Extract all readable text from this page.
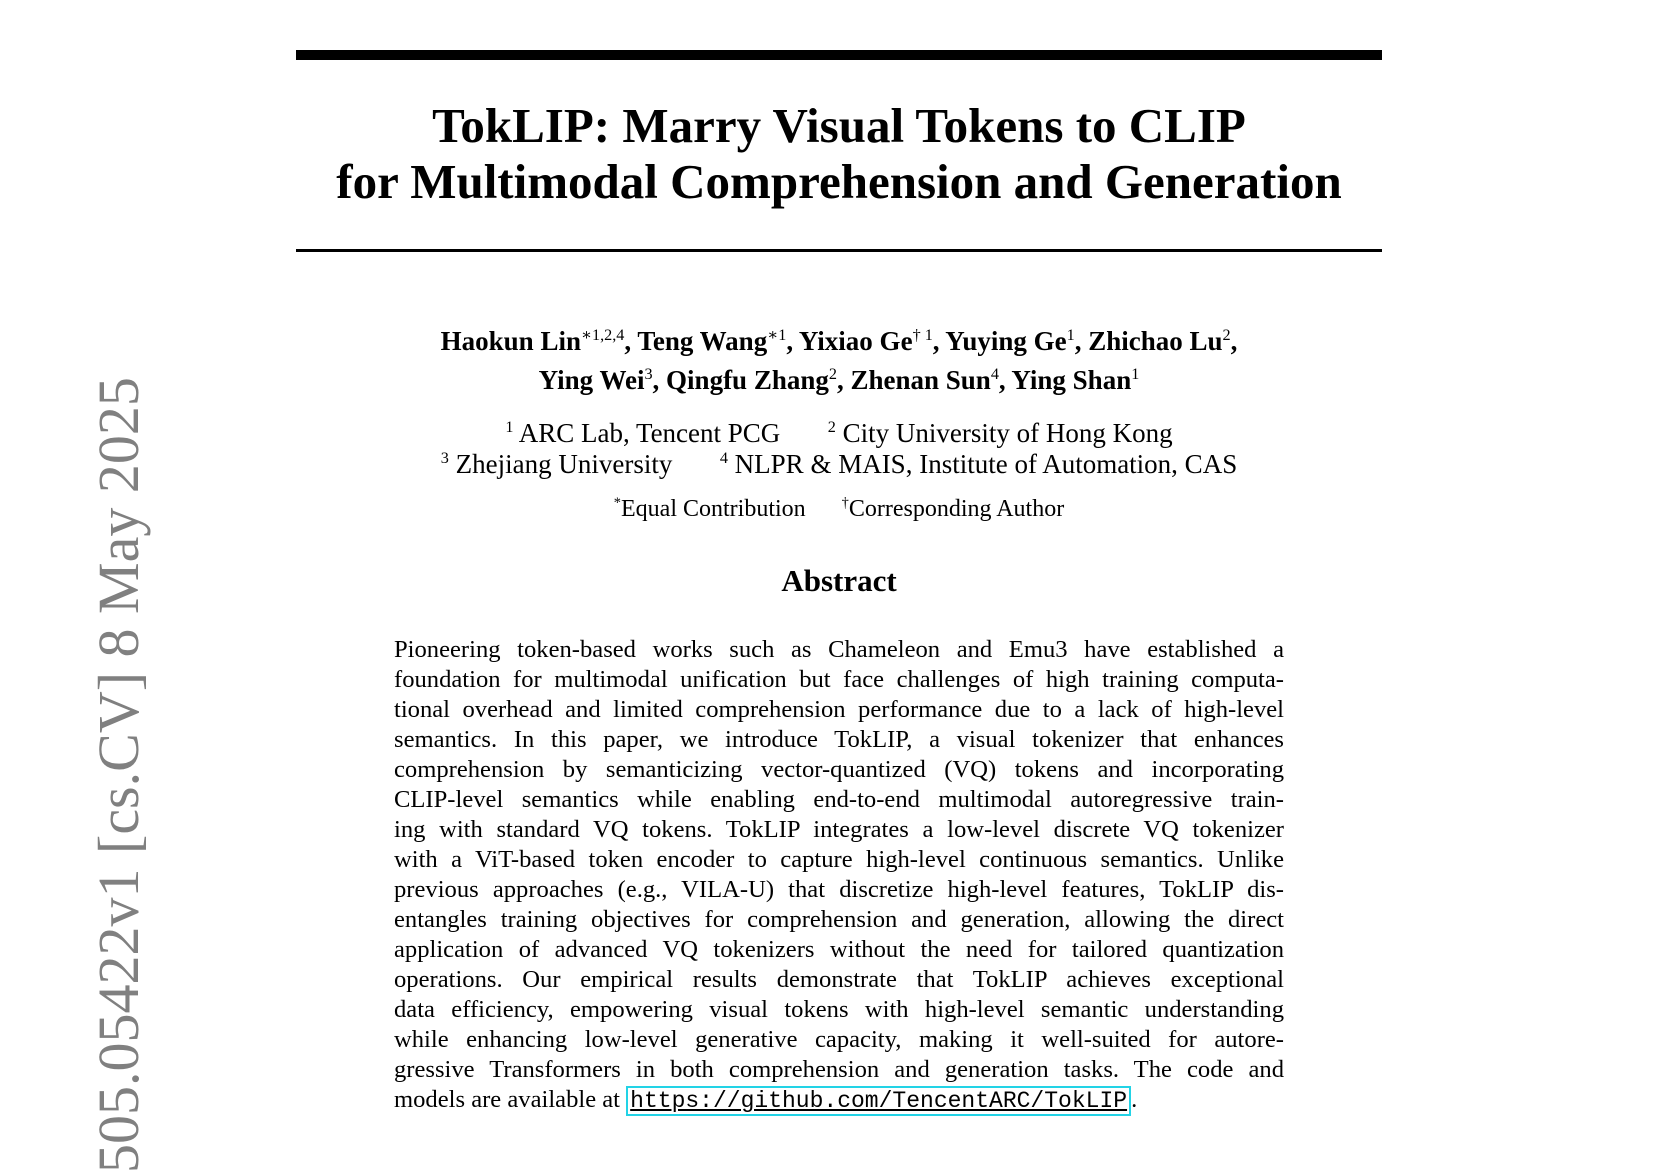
TokLIP: Marry Visual Tokens to CLIP
for Multimodal Comprehension and Generation
Haokun Lin$^{∗1,2,4}$, Teng Wang$^{∗1}$, Yixiao Ge$^{\dagger 1}$, Yuying Ge$^1$, Zhichao Lu$^2$,
Ying Wei$^3$, Qingfu Zhang$^2$, Zhenan Sun$^4$, Ying Shan$^1$
$^1$ ARC Lab, Tencent PCG	$^2$ City University of Hong Kong
$^3$ Zhejiang University	$^4$ NLPR & MAIS, Institute of Automation, CAS
*Equal Contribution	†Corresponding Author
Abstract
Pioneering token-based works such as Chameleon and Emu3 have established a
foundation for multimodal unification but face challenges of high training computa-
tional overhead and limited comprehension performance due to a lack of high-level
semantics. In this paper, we introduce TokLIP, a visual tokenizer that enhances
comprehension by semanticizing vector-quantized (VQ) tokens and incorporating
CLIP-level semantics while enabling end-to-end multimodal autoregressive train-
ing with standard VQ tokens. TokLIP integrates a low-level discrete VQ tokenizer
with a ViT-based token encoder to capture high-level continuous semantics. Unlike
previous approaches (e.g., VILA-U) that discretize high-level features, TokLIP dis-
entangles training objectives for comprehension and generation, allowing the direct
application of advanced VQ tokenizers without the need for tailored quantization
operations. Our empirical results demonstrate that TokLIP achieves exceptional
data efficiency, empowering visual tokens with high-level semantic understanding
while enhancing low-level generative capacity, making it well-suited for autore-
gressive Transformers in both comprehension and generation tasks. The code and
models are available at https://github.com/TencentARC/TokLIP .
505.05422v1 [cs.CV] 8 May 2025
